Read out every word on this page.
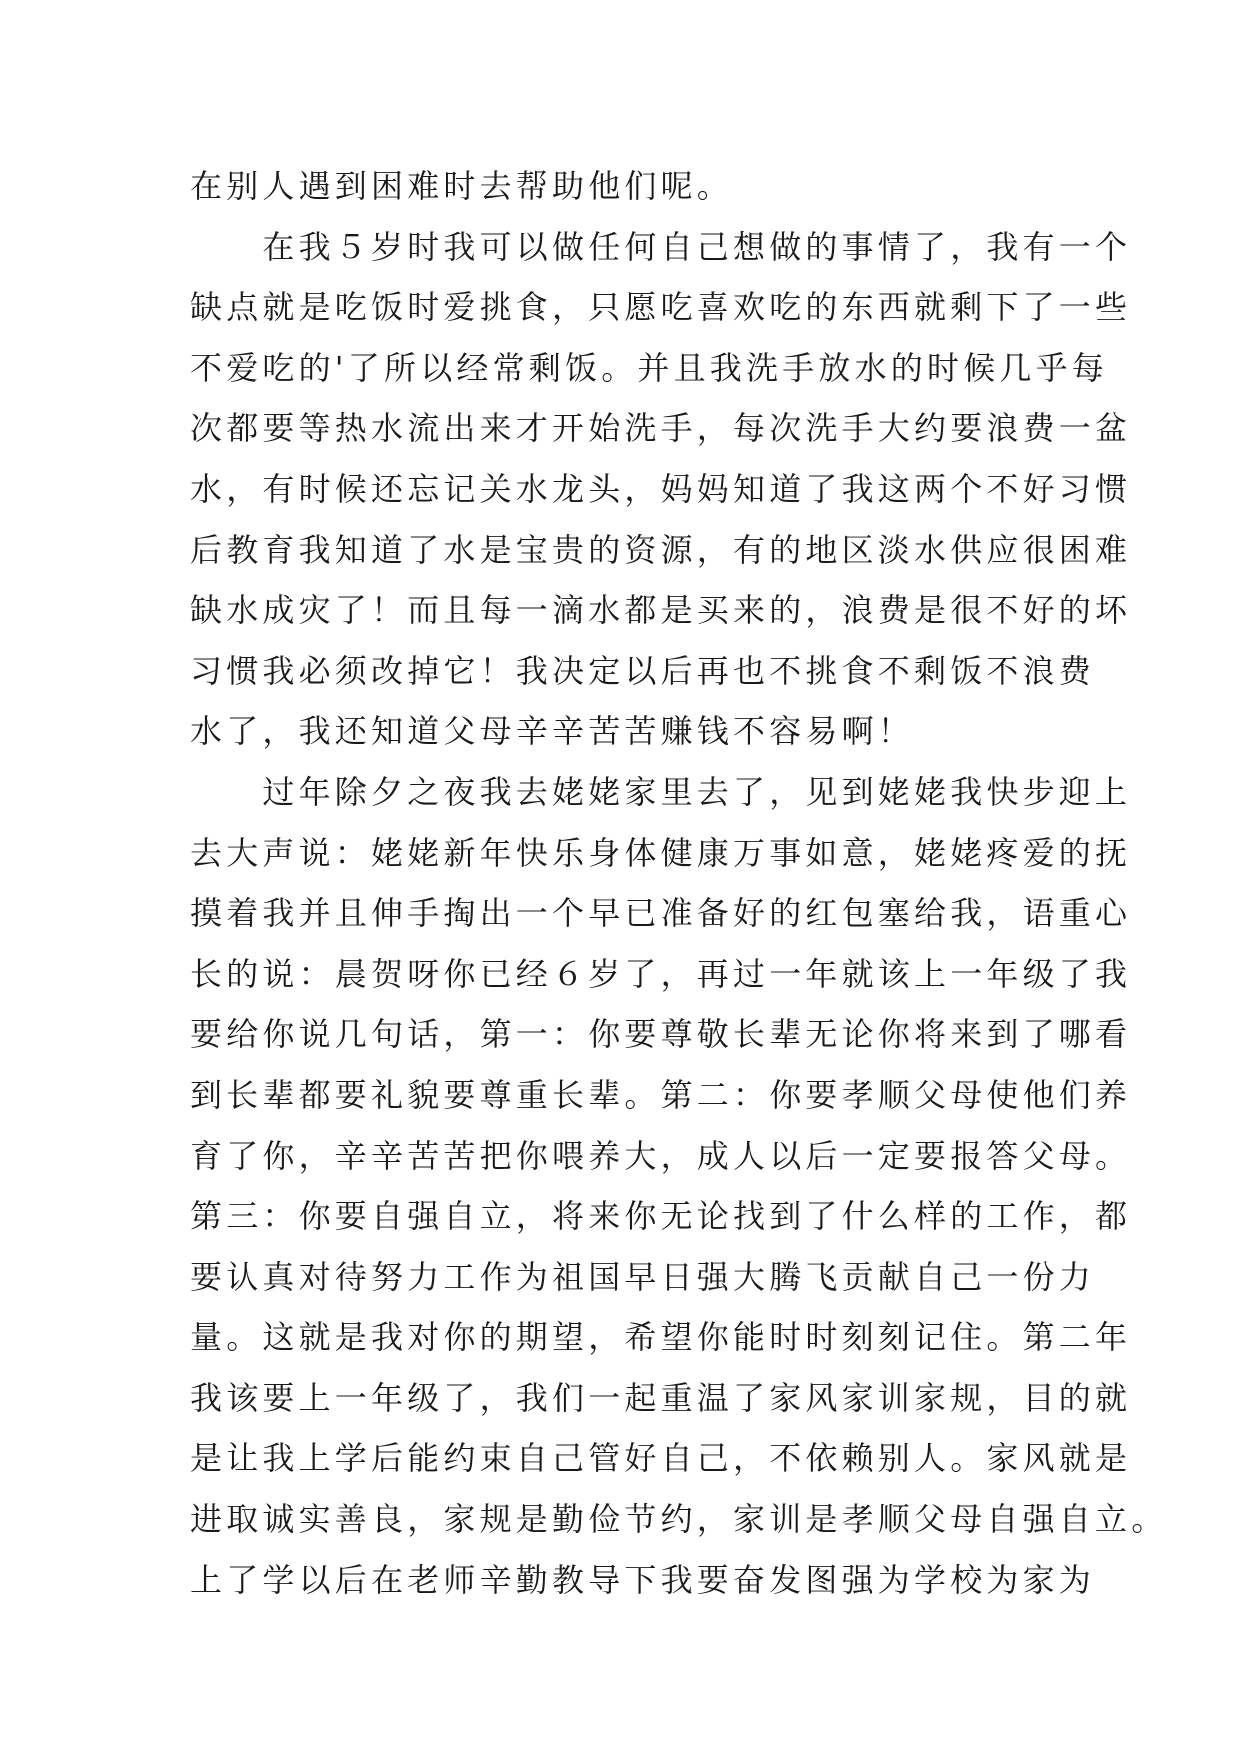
在别人遇到困难时去帮助他们呢。
　　在我５岁时我可以做任何自己想做的事情了，我有一个
缺点就是吃饭时爱挑食，只愿吃喜欢吃的东西就剩下了一些
不爱吃的'了所以经常剩饭。并且我洗手放水的时候几乎每
次都要等热水流出来才开始洗手，每次洗手大约要浪费一盆
水，有时候还忘记关水龙头，妈妈知道了我这两个不好习惯
后教育我知道了水是宝贵的资源，有的地区淡水供应很困难
缺水成灾了！而且每一滴水都是买来的，浪费是很不好的坏
习惯我必须改掉它！我决定以后再也不挑食不剩饭不浪费
水了，我还知道父母辛辛苦苦赚钱不容易啊！
　　过年除夕之夜我去姥姥家里去了，见到姥姥我快步迎上
去大声说：姥姥新年快乐身体健康万事如意，姥姥疼爱的抚
摸着我并且伸手掏出一个早已准备好的红包塞给我，语重心
长的说：晨贺呀你已经６岁了，再过一年就该上一年级了我
要给你说几句话，第一：你要尊敬长辈无论你将来到了哪看
到长辈都要礼貌要尊重长辈。第二：你要孝顺父母使他们养
育了你，辛辛苦苦把你喂养大，成人以后一定要报答父母。
第三：你要自强自立，将来你无论找到了什么样的工作，都
要认真对待努力工作为祖国早日强大腾飞贡献自己一份力
量。这就是我对你的期望，希望你能时时刻刻记住。第二年
我该要上一年级了，我们一起重温了家风家训家规，目的就
是让我上学后能约束自己管好自己，不依赖别人。家风就是
进取诚实善良，家规是勤俭节约，家训是孝顺父母自强自立。
上了学以后在老师辛勤教导下我要奋发图强为学校为家为
